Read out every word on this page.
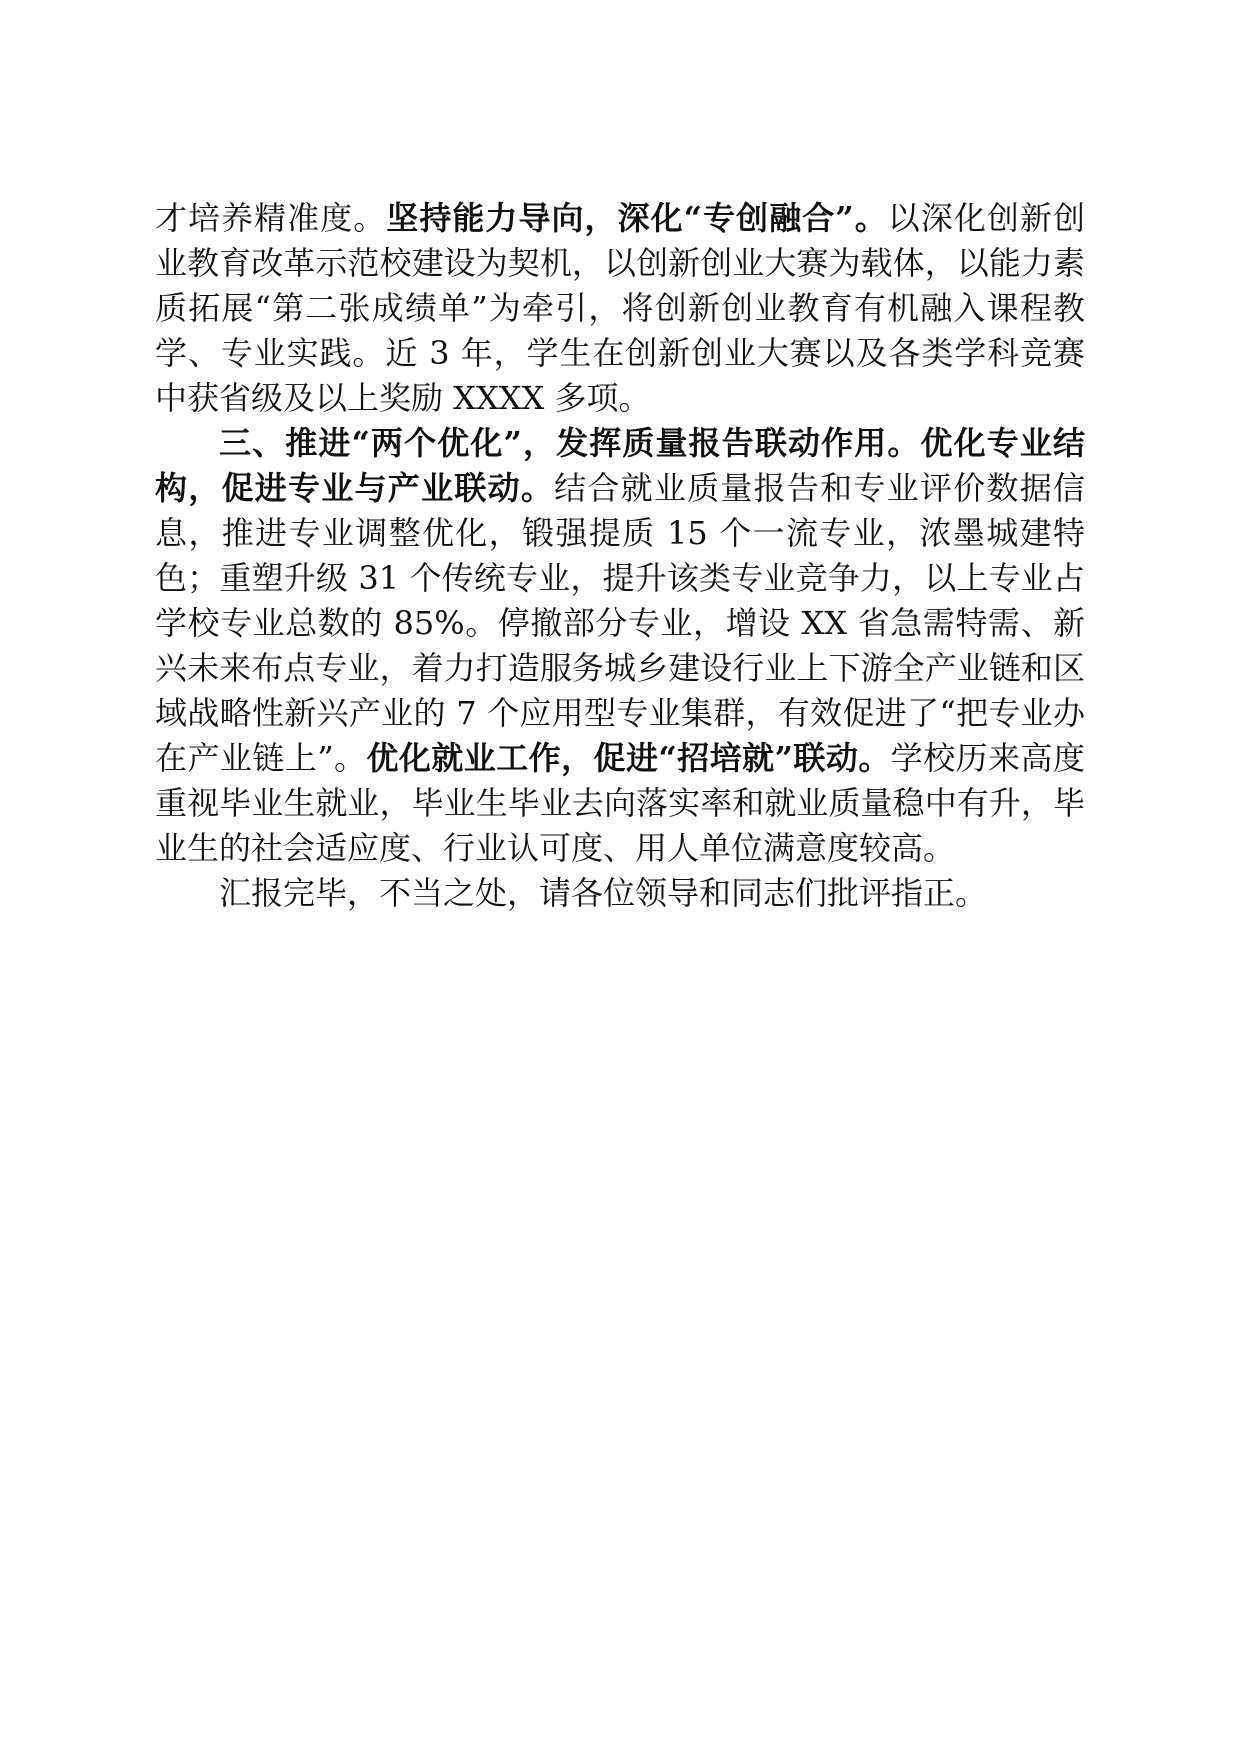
才培养精准度。坚持能力导向，深化“专创融合”。以深化创新创业教育改革示范校建设为契机，以创新创业大赛为载体，以能力素质拓展“第二张成绩单”为牵引，将创新创业教育有机融入课程教学、专业实践。近 3 年，学生在创新创业大赛以及各类学科竞赛中获省级及以上奖励 XXXX 多项。

三、推进“两个优化”，发挥质量报告联动作用。优化专业结构，促进专业与产业联动。结合就业质量报告和专业评价数据信息，推进专业调整优化，锻强提质 15 个一流专业，浓墨城建特色；重塑升级 31 个传统专业，提升该类专业竞争力，以上专业占学校专业总数的 85%。停撤部分专业，增设 XX 省急需特需、新兴未来布点专业，着力打造服务城乡建设行业上下游全产业链和区域战略性新兴产业的 7 个应用型专业集群，有效促进了“把专业办在产业链上”。优化就业工作，促进“招培就”联动。学校历来高度重视毕业生就业，毕业生毕业去向落实率和就业质量稳中有升，毕业生的社会适应度、行业认可度、用人单位满意度较高。

汇报完毕，不当之处，请各位领导和同志们批评指正。
